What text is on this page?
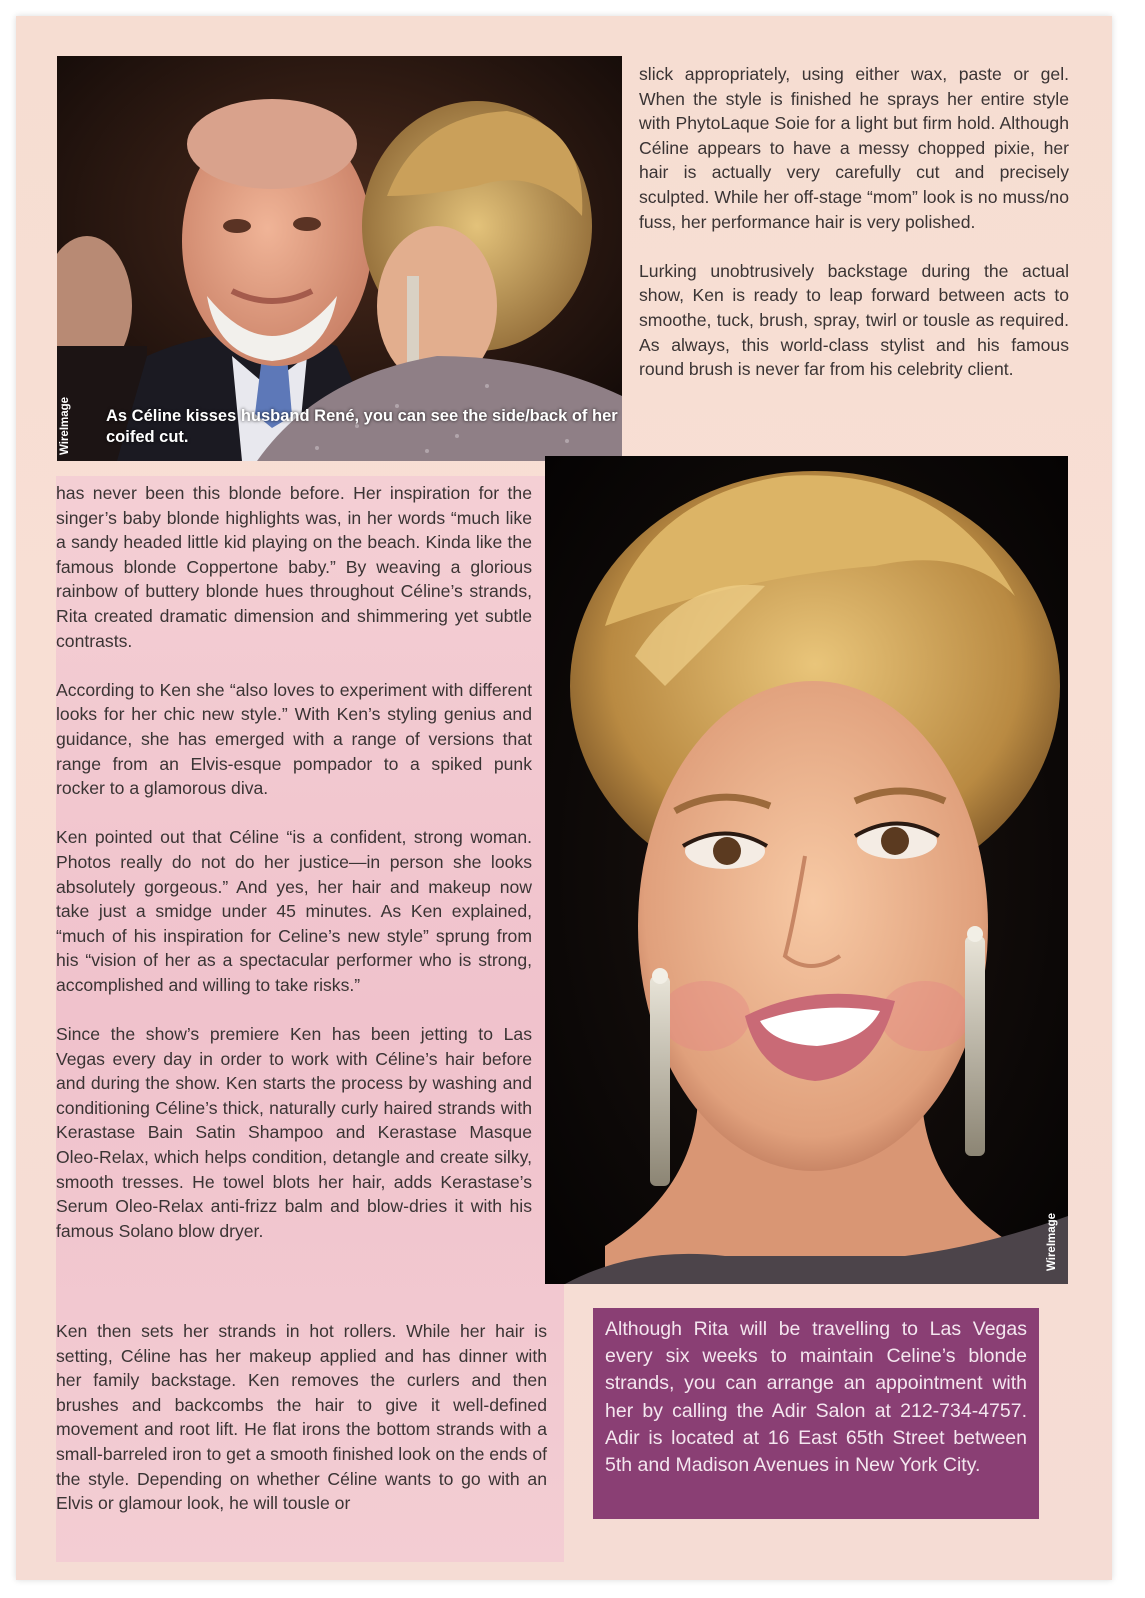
WireImage As Céline kisses husband René, you can see the side/back of her coifed cut.

slick appropriately, using either wax, paste or gel. When the style is finished he sprays her entire style with PhytoLaque Soie for a light but firm hold. Although Céline appears to have a messy chopped pixie, her hair is actually very carefully cut and precisely sculpted. While her off-stage “mom” look is no muss/no fuss, her performance hair is very polished.

Lurking unobtrusively backstage during the actual show, Ken is ready to leap forward between acts to smoothe, tuck, brush, spray, twirl or tousle as required. As always, this world-class stylist and his famous round brush is never far from his celebrity client.

WireImage

has never been this blonde before. Her inspiration for the singer’s baby blonde highlights was, in her words “much like a sandy headed little kid playing on the beach. Kinda like the famous blonde Coppertone baby.” By weaving a glorious rainbow of buttery blonde hues throughout Céline’s strands, Rita created dramatic dimension and shimmering yet subtle contrasts.

According to Ken she “also loves to experiment with different looks for her chic new style.” With Ken’s styling genius and guidance, she has emerged with a range of versions that range from an Elvis-esque pompador to a spiked punk rocker to a glamorous diva.

Ken pointed out that Céline “is a confident, strong woman. Photos really do not do her justice—in person she looks absolutely gorgeous.” And yes, her hair and makeup now take just a smidge under 45 minutes. As Ken explained, “much of his inspiration for Celine’s new style” sprung from his “vision of her as a spectacular performer who is strong, accomplished and willing to take risks.”

Since the show’s premiere Ken has been jetting to Las Vegas every day in order to work with Céline’s hair before and during the show. Ken starts the process by washing and conditioning Céline’s thick, naturally curly haired strands with Kerastase Bain Satin Shampoo and Kerastase Masque Oleo-Relax, which helps condition, detangle and create silky, smooth tresses. He towel blots her hair, adds Kerastase’s Serum Oleo-Relax anti-frizz balm and blow-dries it with his famous Solano blow dryer.

Ken then sets her strands in hot rollers. While her hair is setting, Céline has her makeup applied and has dinner with her family backstage. Ken removes the curlers and then brushes and backcombs the hair to give it well-defined movement and root lift. He flat irons the bottom strands with a small-barreled iron to get a smooth finished look on the ends of the style. Depending on whether Céline wants to go with an Elvis or glamour look, he will tousle or

Although Rita will be travelling to Las Vegas every six weeks to maintain Celine’s blonde strands, you can arrange an appointment with her by calling the Adir Salon at 212-734-4757. Adir is located at 16 East 65th Street between 5th and Madison Avenues in New York City.
